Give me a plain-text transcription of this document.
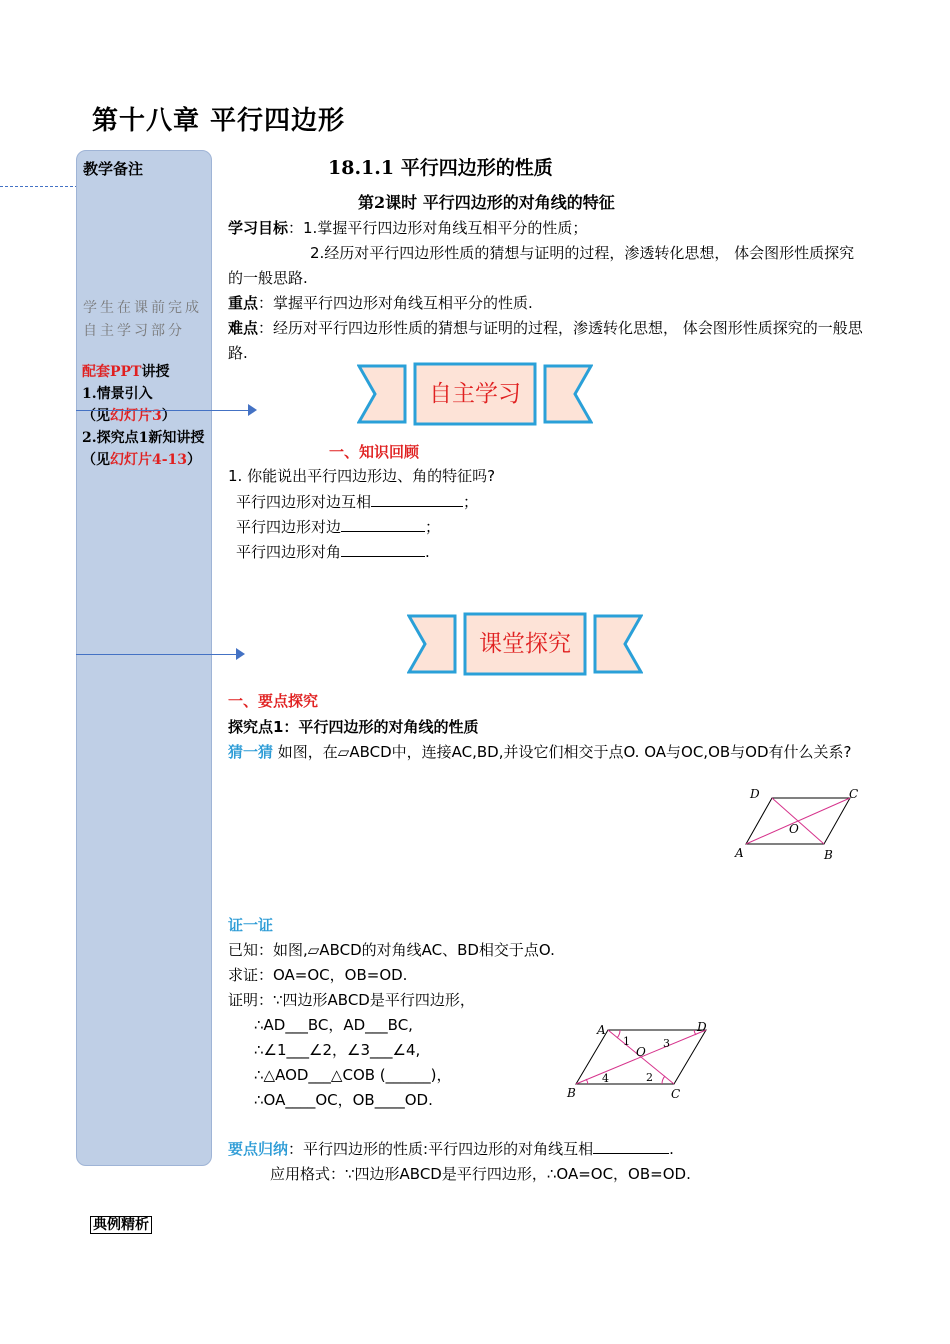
第十八章 平行四边形
教学备注
学生在课前完成自主学习部分
配套PPT讲授
1.情景引入
（见幻灯片3）
2.探究点1新知讲授
（见幻灯片4-13）
18.1.1 平行四边形的性质
第2课时 平行四边形的对角线的特征
学习目标：1.掌握平行四边形对角线互相平分的性质；
2.经历对平行四边形性质的猜想与证明的过程，渗透转化思想， 体会图形性质探究的一般思路.
重点：掌握平行四边形对角线互相平分的性质.
难点：经历对平行四边形性质的猜想与证明的过程，渗透转化思想， 体会图形性质探究的一般思路.
自主学习
一、知识回顾
1. 你能说出平行四边形边、角的特征吗?
平行四边形对边互相	；
平行四边形对边	；
平行四边形对角	.
课堂探究
一、要点探究
探究点1：平行四边形的对角线的性质
猜一猜 如图，在▱ABCD中，连接AC,BD,并设它们相交于点O. OA与OC,OB与OD有什么关系?
A	B
C
D
O
证一证
已知：如图,▱ABCD的对角线AC、BD相交于点O.
求证：OA=OC，OB=OD.
证明：∵四边形ABCD是平行四边形，
∴AD___BC，AD___BC,
∴∠1___∠2，∠3___∠4,
∴△AOD___△COB (______)，
∴OA____OC，OB____OD.
A
B	C
D
O
1
2
3
4
要点归纳：平行四边形的性质:平行四边形的对角线互相	.
应用格式：∵四边形ABCD是平行四边形，∴OA=OC，OB=OD.
典例精析
